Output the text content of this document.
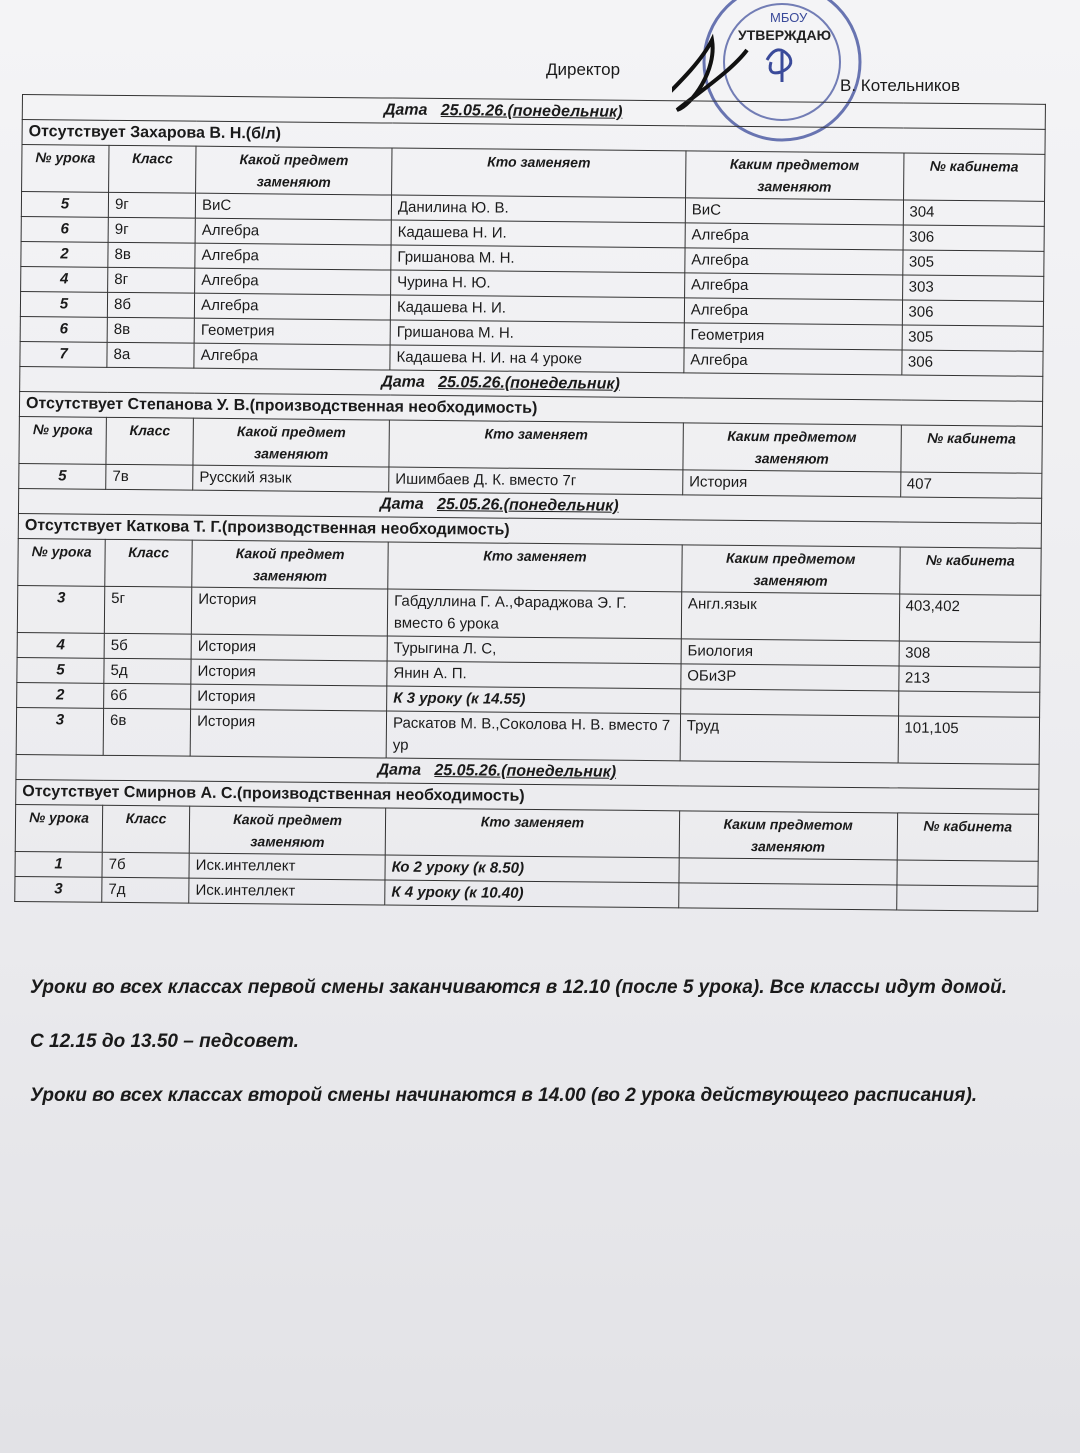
Директор
МБОУ
УТВЕРЖДАЮ
В. Котельников
Дата 25.05.26.(понедельник)					
Отсутствует Захарова В. Н.(б/л)					
№ урока	Класс	Какой предмет заменяют	Кто заменяет	Каким предметом заменяют	№ кабинета
5	9г	ВиС	Данилина Ю. В.	ВиС	304
6	9г	Алгебра	Кадашева Н. И.	Алгебра	306
2	8в	Алгебра	Гришанова М. Н.	Алгебра	305
4	8г	Алгебра	Чурина Н. Ю.	Алгебра	303
5	8б	Алгебра	Кадашева Н. И.	Алгебра	306
6	8в	Геометрия	Гришанова М. Н.	Геометрия	305
7	8а	Алгебра	Кадашева Н. И. на 4 уроке	Алгебра	306
Дата 25.05.26.(понедельник)					
Отсутствует Степанова У. В.(производственная необходимость)					
№ урока	Класс	Какой предмет заменяют	Кто заменяет	Каким предметом заменяют	№ кабинета
5	7в	Русский язык	Ишимбаев Д. К. вместо 7г	История	407
Дата 25.05.26.(понедельник)					
Отсутствует Каткова Т. Г.(производственная необходимость)					
№ урока	Класс	Какой предмет заменяют	Кто заменяет	Каким предметом заменяют	№ кабинета
3	5г	История	Габдуллина Г. А.,Фараджова Э. Г. вместо 6 урока	Англ.язык	403,402
4	5б	История	Турыгина Л. С,	Биология	308
5	5д	История	Янин А. П.	ОБиЗР	213
2	6б	История	К 3 уроку (к 14.55)		
3	6в	История	Раскатов М. В.,Соколова Н. В. вместо 7 ур	Труд	101,105
Дата 25.05.26.(понедельник)					
Отсутствует Смирнов А. С.(производственная необходимость)					
№ урока	Класс	Какой предмет заменяют	Кто заменяет	Каким предметом заменяют	№ кабинета
1	7б	Иск.интеллект	Ко 2 уроку (к 8.50)		
3	7д	Иск.интеллект	К 4 уроку (к 10.40)		

Уроки во всех классах первой смены заканчиваются в 12.10 (после 5 урока). Все классы идут домой.

С 12.15 до 13.50 – педсовет.

Уроки во всех классах второй смены начинаются в 14.00 (во 2 урока действующего расписания).
